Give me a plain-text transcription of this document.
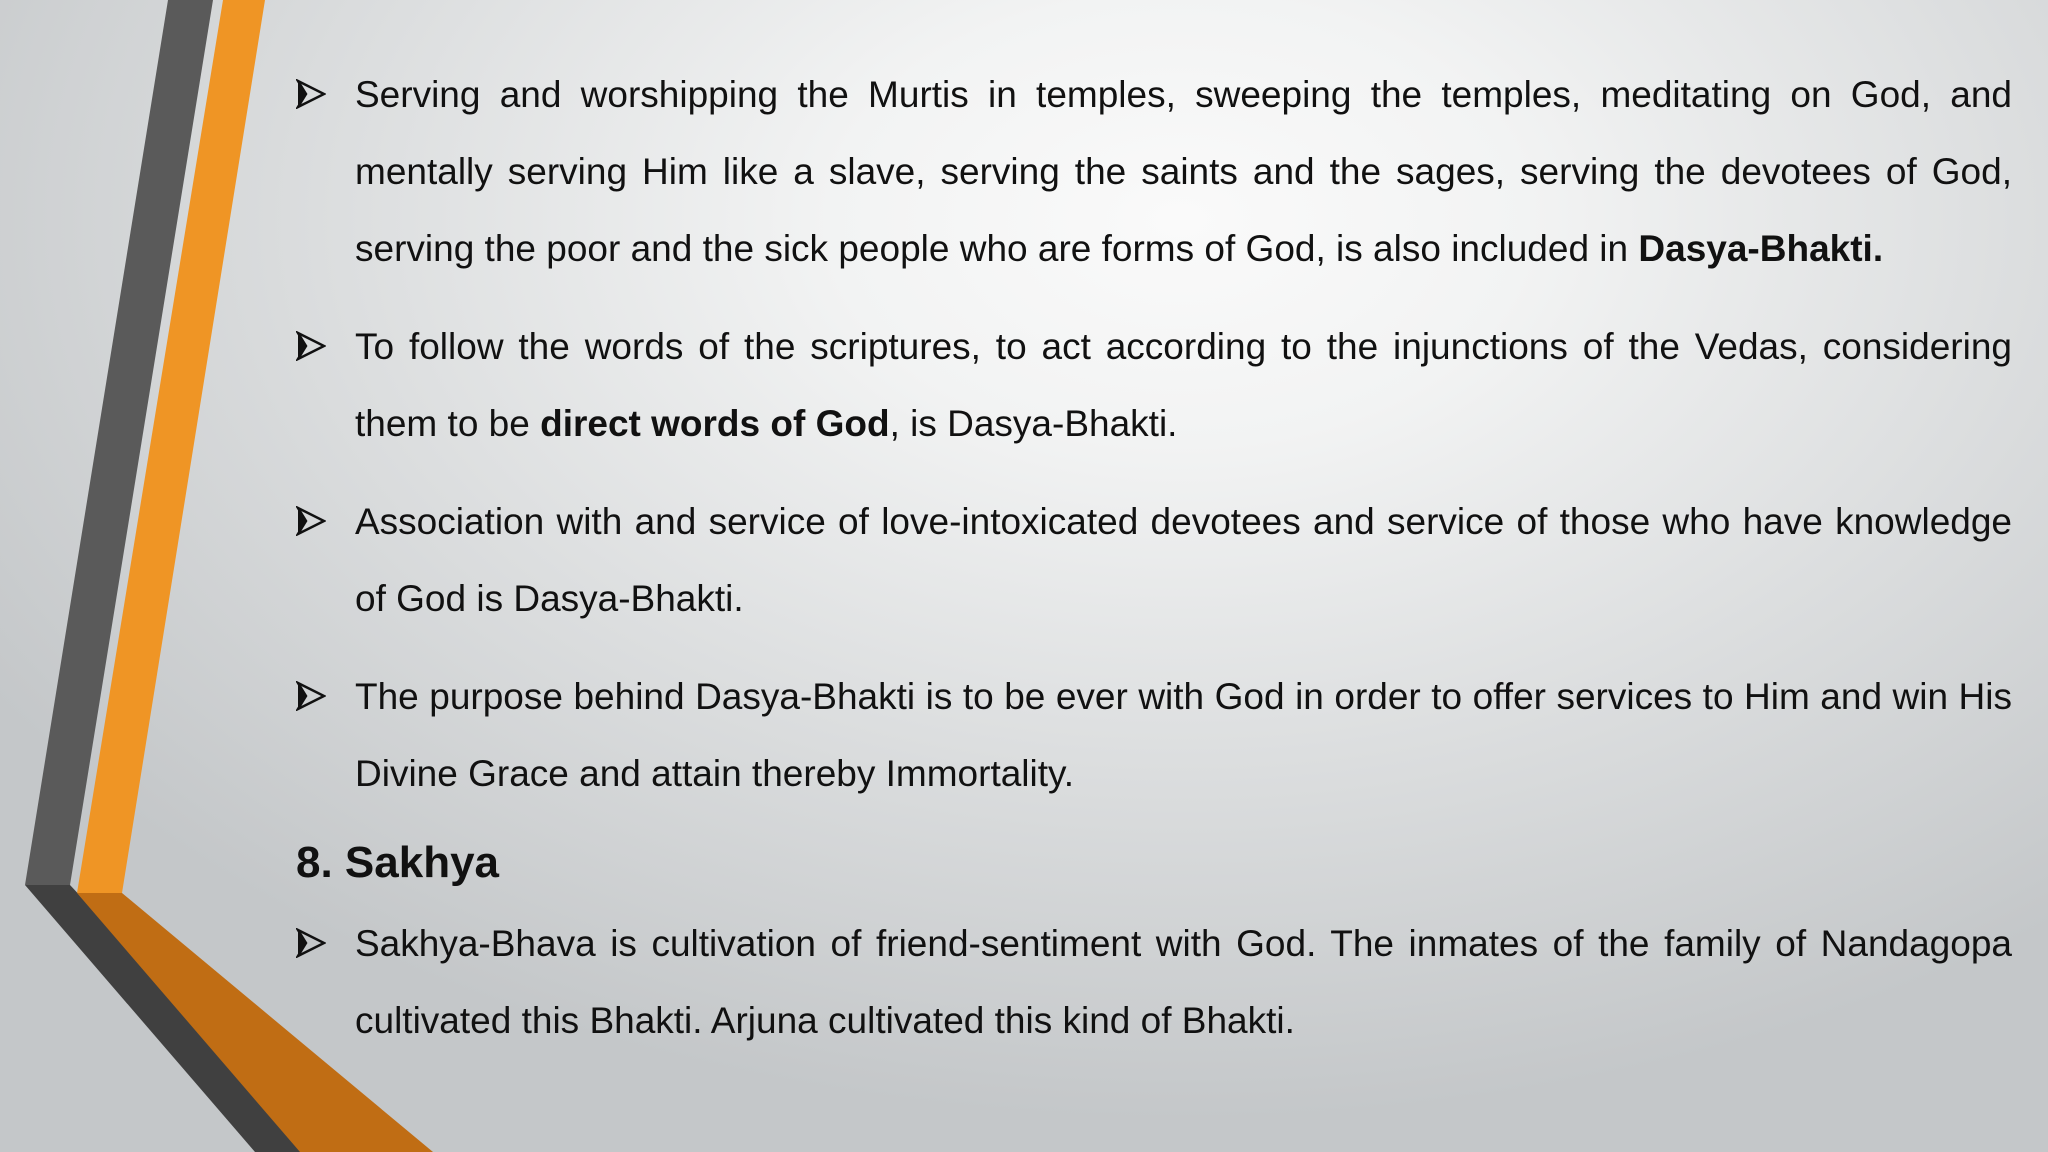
Serving and worshipping the Murtis in temples, sweeping the temples, meditating on God, and mentally serving Him like a slave, serving the saints and the sages, serving the devotees of God, serving the poor and the sick people who are forms of God, is also included in Dasya-Bhakti.
To follow the words of the scriptures, to act according to the injunctions of the Vedas, considering them to be direct words of God, is Dasya-Bhakti.
Association with and service of love-intoxicated devotees and service of those who have knowledge of God is Dasya-Bhakti.
The purpose behind Dasya-Bhakti is to be ever with God in order to offer services to Him and win His Divine Grace and attain thereby Immortality.
8. Sakhya
Sakhya-Bhava is cultivation of friend-sentiment with God. The inmates of the family of Nandagopa cultivated this Bhakti. Arjuna cultivated this kind of Bhakti.
